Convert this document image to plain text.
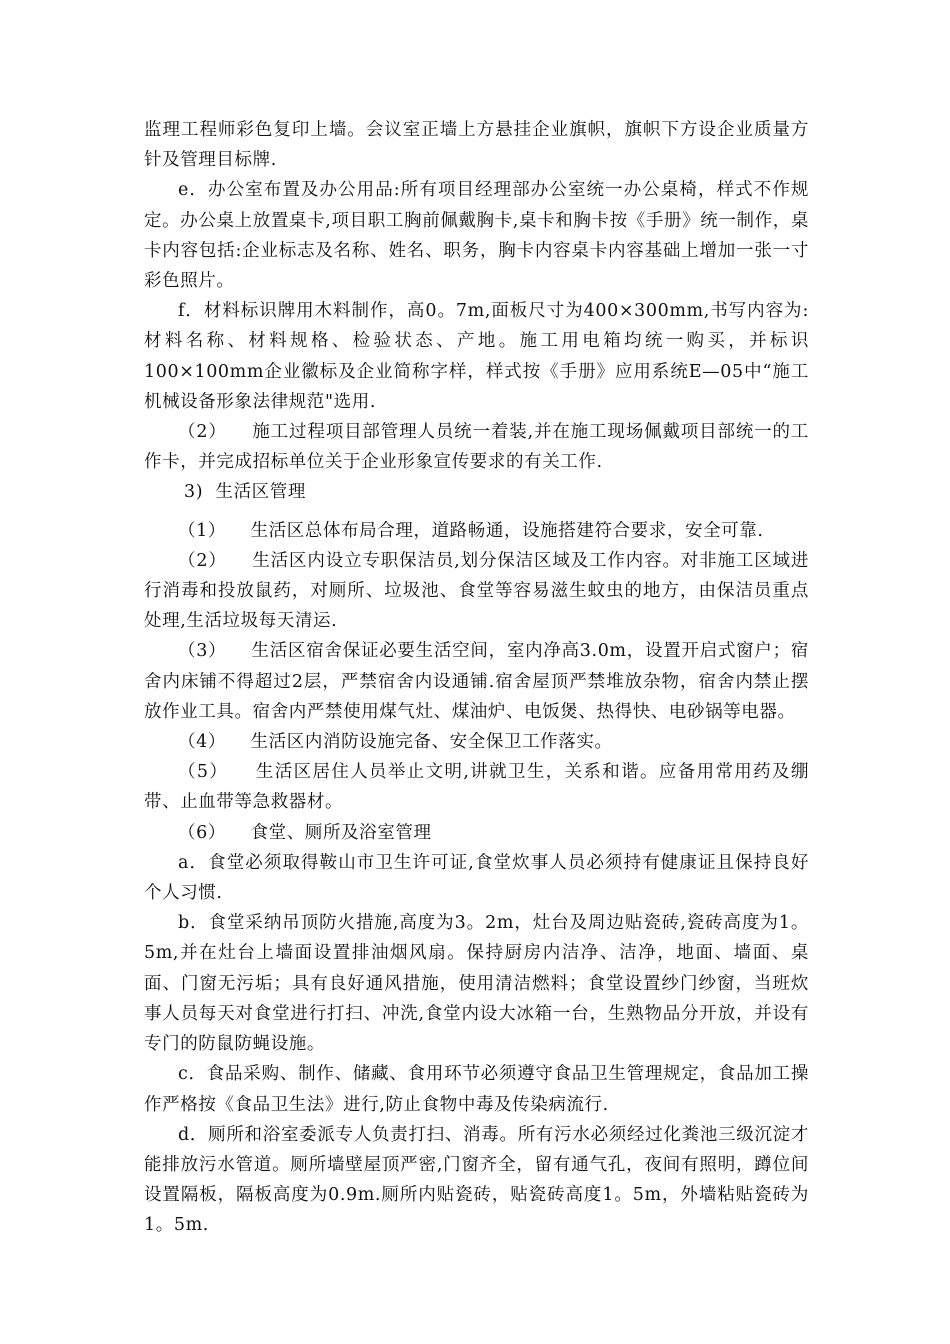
监理工程师彩色复印上墙。会议室正墙上方悬挂企业旗帜，旗帜下方设企业质量方针及管理目标牌.

e．办公室布置及办公用品:所有项目经理部办公室统一办公桌椅，样式不作规定。办公桌上放置桌卡,项目职工胸前佩戴胸卡,桌卡和胸卡按《手册》统一制作，桌卡内容包括:企业标志及名称、姓名、职务，胸卡内容桌卡内容基础上增加一张一寸彩色照片。

f．材料标识牌用木料制作，高0。7m,面板尺寸为400×300mm,书写内容为:材料名称、材料规格、检验状态、产地。施工用电箱均统一购买，并标识100×100mm企业徽标及企业简称字样，样式按《手册》应用系统E—05中“施工机械设备形象法律规范"选用.

（2）    施工过程项目部管理人员统一着装,并在施工现场佩戴项目部统一的工作卡，并完成招标单位关于企业形象宣传要求的有关工作.

3)  生活区管理

（1）    生活区总体布局合理，道路畅通，设施搭建符合要求，安全可靠.

（2）    生活区内设立专职保洁员,划分保洁区域及工作内容。对非施工区域进行消毒和投放鼠药，对厕所、垃圾池、食堂等容易滋生蚊虫的地方，由保洁员重点处理,生活垃圾每天清运.

（3）    生活区宿舍保证必要生活空间，室内净高3.0m，设置开启式窗户；宿舍内床铺不得超过2层，严禁宿舍内设通铺.宿舍屋顶严禁堆放杂物，宿舍内禁止摆放作业工具。宿舍内严禁使用煤气灶、煤油炉、电饭煲、热得快、电砂锅等电器。

（4）    生活区内消防设施完备、安全保卫工作落实。

（5）    生活区居住人员举止文明,讲就卫生，关系和谐。应备用常用药及绷带、止血带等急救器材。

（6）    食堂、厕所及浴室管理

a．食堂必须取得鞍山市卫生许可证,食堂炊事人员必须持有健康证且保持良好个人习惯.

b．食堂采纳吊顶防火措施,高度为3。2m，灶台及周边贴瓷砖,瓷砖高度为1。5m,并在灶台上墙面设置排油烟风扇。保持厨房内洁净、洁净，地面、墙面、桌面、门窗无污垢；具有良好通风措施，使用清洁燃料；食堂设置纱门纱窗，当班炊事人员每天对食堂进行打扫、冲洗,食堂内设大冰箱一台，生熟物品分开放，并设有专门的防鼠防蝇设施。

c．食品采购、制作、储藏、食用环节必须遵守食品卫生管理规定，食品加工操作严格按《食品卫生法》进行,防止食物中毒及传染病流行.

d．厕所和浴室委派专人负责打扫、消毒。所有污水必须经过化粪池三级沉淀才能排放污水管道。厕所墙壁屋顶严密,门窗齐全，留有通气孔，夜间有照明，蹲位间设置隔板，隔板高度为0.9m.厕所内贴瓷砖，贴瓷砖高度1。5m，外墙粘贴瓷砖为1。5m.
